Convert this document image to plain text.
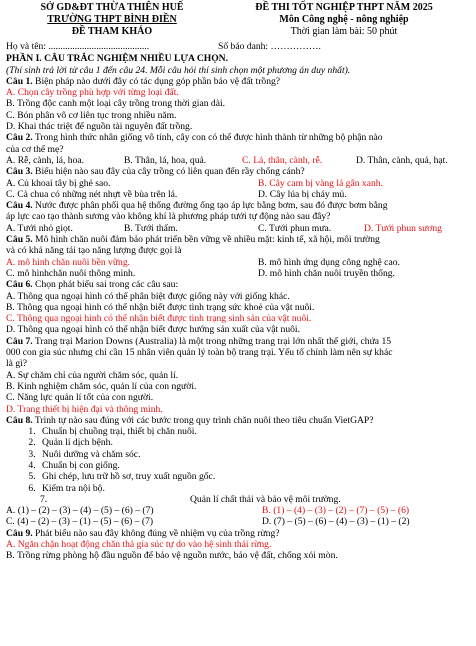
SỞ GD&ĐT THỪA THIÊN HUẾ
TRƯỜNG THPT BÌNH ĐIỀN
ĐỀ THAM KHẢO
ĐỀ THI TỐT NGHIỆP THPT NĂM 2025
Môn Công nghệ - nông nghiệp
Thời gian làm bài: 50 phút
Họ và tên: ..........................................	Số báo danh: …………….
PHẦN I. CÂU TRẮC NGHIỆM NHIỀU LỰA CHỌN.
(Thí sinh trả lời từ câu 1 đến câu 24. Mỗi câu hỏi thí sinh chọn một phương án duy nhất).
Câu 1. Biện pháp nào dưới đây có tác dụng góp phần bảo vệ đất trồng?
A. Chọn cây trồng phù hợp với từng loại đất.
B. Trồng độc canh một loại cây trồng trong thời gian dài.
C. Bón phân vô cơ liên tục trong nhiều năm.
D. Khai thác triệt để nguồn tài nguyên đất trồng.
Câu 2. Trong hình thức nhân giống vô tính, cây con có thể được hình thành từ những bộ phận nào
của cơ thể mẹ?
A. Rễ, cành, lá, hoa.	B. Thân, lá, hoa, quả.	C. Lá, thân, cành, rễ.	D. Thân, cành, quả, hạt.
Câu 3. Biểu hiện nào sau đây của cây trồng có liên quan đến rầy chổng cánh?
A. Củ khoai tây bị ghẻ sao.	B. Cây cam bị vàng lá gân xanh.
C. Cà chua có những nét nhựt về bùa trên lá.	D. Cây lúa bị cháy mủ.
Câu 4. Nước được phân phối qua hệ thống đường ống tạo áp lực bằng bơm, sau đó được bơm bằng
áp lực cao tạo thành sương vào không khí là phương pháp tưới tự động nào sau đây?
A. Tưới nhỏ giọt.	B. Tưới thấm.	C. Tưới phun mưa.	D. Tưới phun sương
Câu 5. Mô hình chăn nuôi đảm bảo phát triển bền vững về nhiều mặt: kinh tế, xã hội, môi trường
và có khả năng tái tạo năng lượng được gọi là
A. mô hình chăn nuôi bền vững.	B. mô hình ứng dụng công nghệ cao.
C. mô hìnhchăn nuôi thông minh.	D. mô hình chăn nuôi truyền thống.
Câu 6. Chọn phát biểu sai trong các câu sau:
A. Thông qua ngoại hình có thể phân biệt được giống này với giống khác.
B. Thông qua ngoại hình có thể nhận biết được tình trạng sức khoẻ của vật nuôi.
C. Thông qua ngoại hình có thể nhận biết được tình trạng sinh sản của vật nuôi.
D. Thông qua ngoại hình có thể nhận biết được hướng sản xuất của vật nuôi.
Câu 7. Trang trại Marion Downs (Australia) là một trong những trang trại lớn nhất thế giới, chứa 15
000 con gia súc nhưng chỉ cần 15 nhân viên quản lý toàn bộ trang trại. Yếu tố chính làm nên sự khác
là gì?
A. Sự chăm chỉ của người chăm sóc, quản lí.
B. Kinh nghiệm chăm sóc, quản lí của con người.
C. Năng lực quản lí tốt của con người.
D. Trang thiết bị hiện đại và thông minh.
Câu 8. Trình tự nào sau đúng với các bước trong quy trình chăn nuôi theo tiêu chuẩn VietGAP?
1. Chuẩn bị chuồng trại, thiết bị chăn nuôi.
2. Quản lí dịch bệnh.
3. Nuôi dưỡng và chăm sóc.
4. Chuẩn bị con giống.
5. Ghi chép, lưu trữ hồ sơ, truy xuất nguồn gốc.
6. Kiểm tra nội bộ.
7.	Quản lí chất thải và bảo vệ môi trường.
A. (1) – (2) – (3) – (4) – (5) – (6) – (7)	B. (1) – (4) – (3) – (2) – (7) – (5) – (6)
C. (4) – (2) – (3) – (1) – (5) – (6) – (7)	D. (7) – (5) – (6) – (4) – (3) – (1) – (2)
Câu 9. Phát biểu nào sau đây không đúng về nhiệm vụ của trồng rừng?
A. Ngăn chặn hoạt động chăn thả gia súc tự do vào hệ sinh thái rừng.
B. Trồng rừng phòng hộ đầu nguồn để bảo vệ nguồn nước, bảo vệ đất, chống xói mòn.
